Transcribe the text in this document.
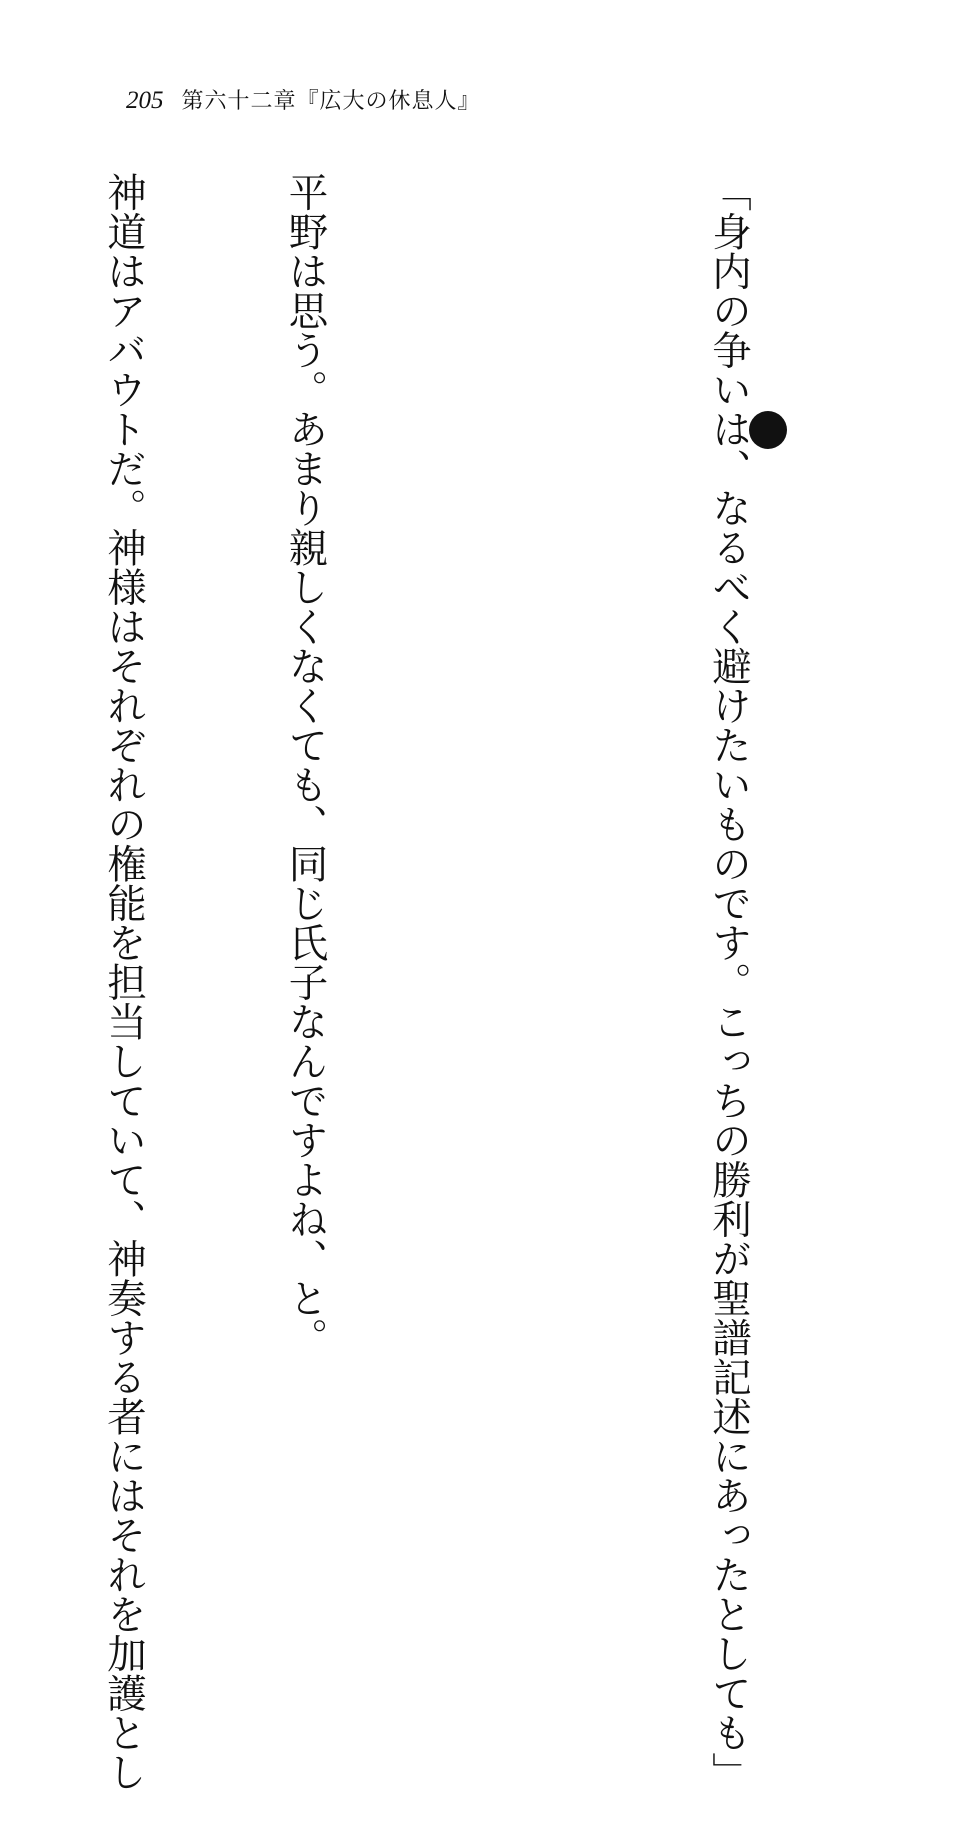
205 第六十二章『広大の休息人』

「身内の争いは、なるべく避けたいものです。こっちの勝利が聖譜記述にあったとしても」

平野は思う。あまり親しくなくても、同じ氏子なんですよね、と。

神道はアバウトだ。神様はそれぞれの権能を担当していて、神奏する者にはそれを加護とし
